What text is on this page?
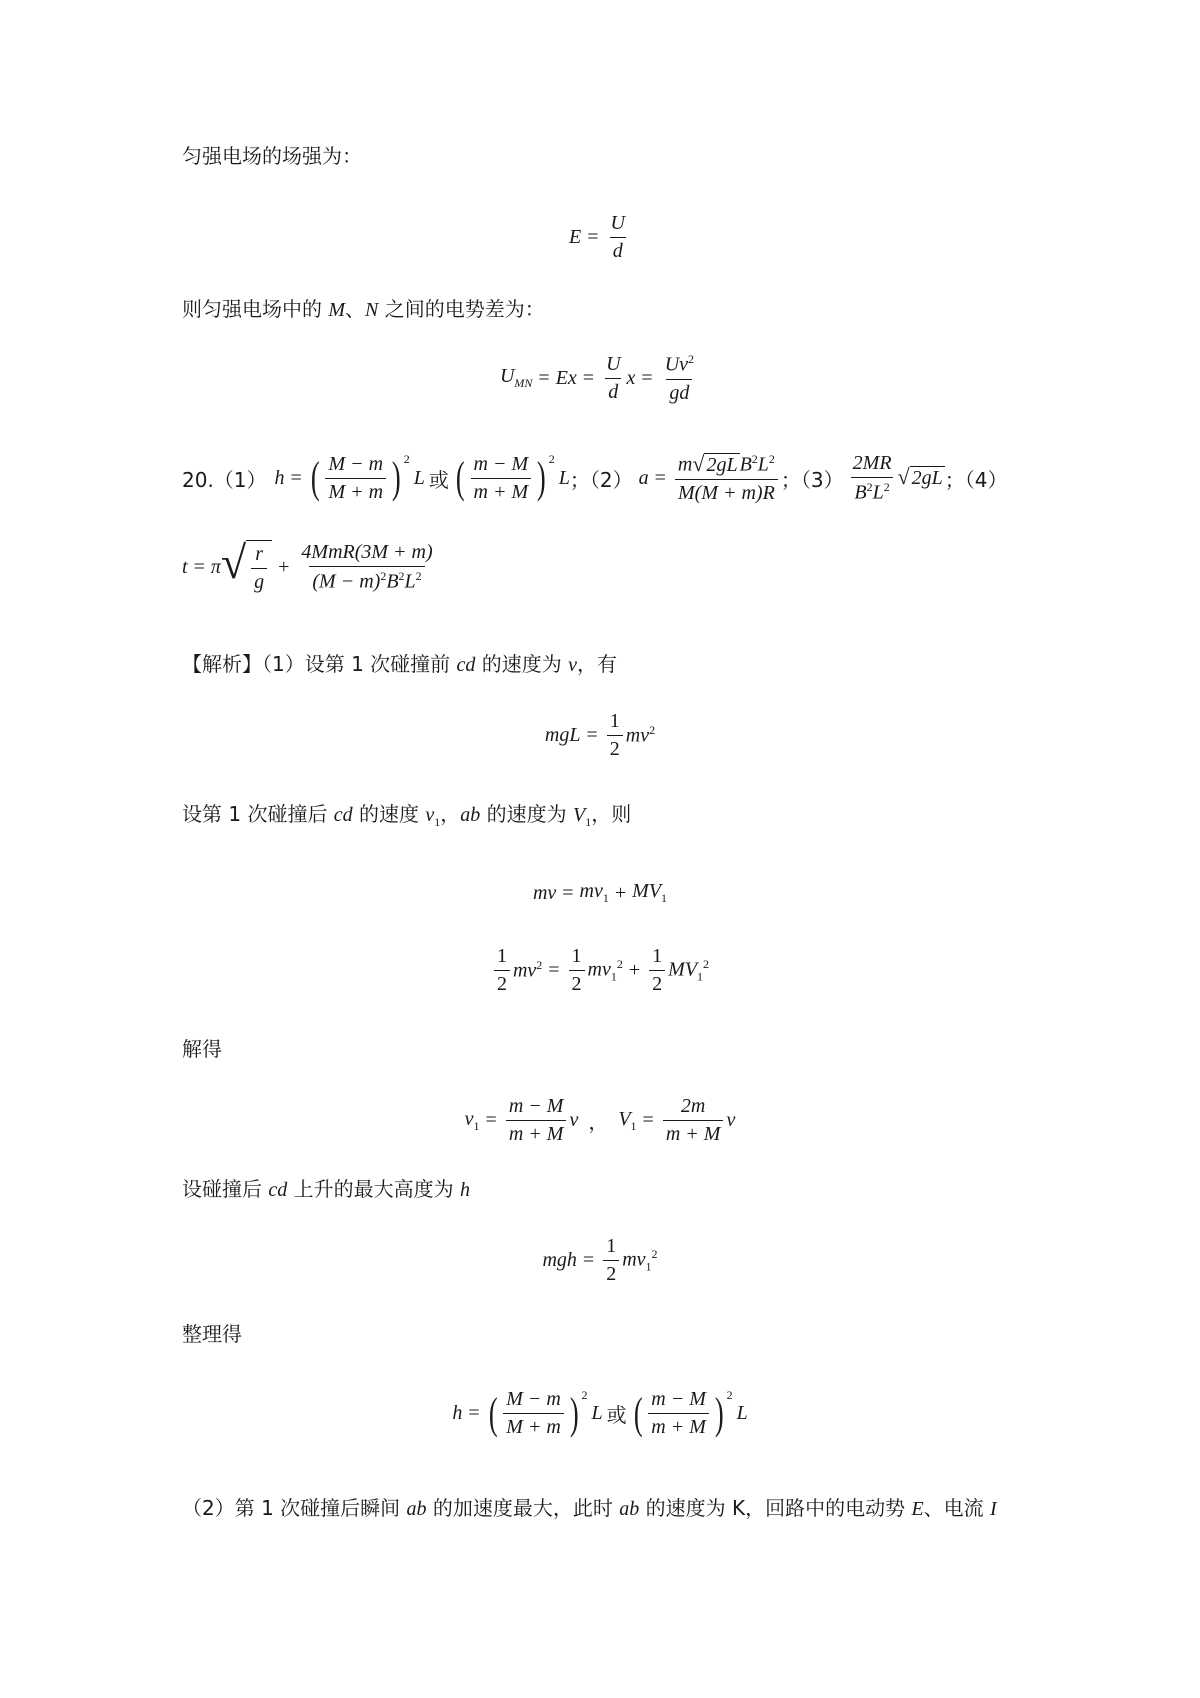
匀强电场的场强为：
$E = \frac{U}{d}$
则匀强电场中的 M、N 之间的电势差为：
$U_{MN} = Ex = \frac{U}{d}$ $x = \frac{Uv^2}{gd}$
20.（1） h = ( $\frac{M - m}{M + m} )^2$
L 或 ( $\frac{m - M}{m + M} )^2$
L ；（2） $a = \frac{m √ 2gL B^2L^2}{M(M + m)R}$ ；$(3) \frac{2MR}{B^2L^2}$ √ 2gL ；（4）
t = π √ $\frac{r}{g} + \frac{\text{4MmR(3M + m)}}{(M - m)^2B^2L^2}$
【解析】（1）设第 1 次碰撞前 cd 的速度为 v，有
mgL = $\frac{1}{2} mv^2$
设第 1 次碰撞后 cd 的速度 $v_1$，ab 的速度为 $V_1$，则
mv = $mv_1 + MV_1$
$\frac{1}{2} mv^2 = \frac{1}{2} mv_1^2 + \frac{1}{2} MV_1^2$
解得
$v_1 = \frac{m - M}{m + M}$ v ， $V_1 = \frac{2m}{m + M}$ v
设碰撞后 cd 上升的最大高度为 h
mgh = $\frac{1}{2} mv_1^2$
整理得
h = ( $\frac{M - m}{M + m} )^2$
L 或 ( $\frac{m - M}{m + M} )^2$
L
（2）第 1 次碰撞后瞬间 ab 的加速度最大，此时 ab 的速度为 K，回路中的电动势 E、电流 I
